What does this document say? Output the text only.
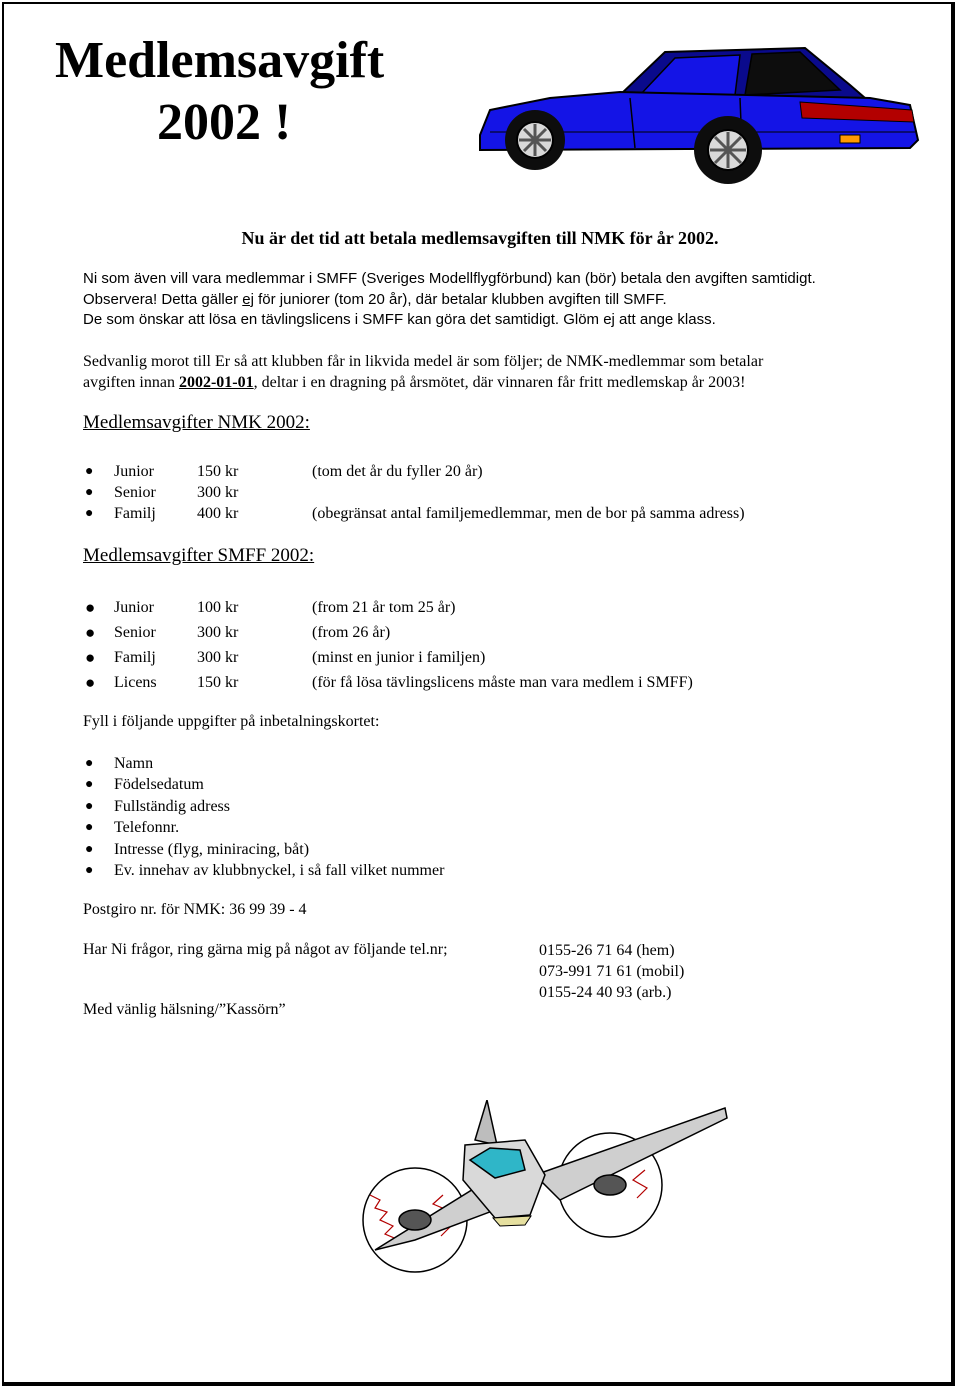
Medlemsavgift
2002 !
Nu är det tid att betala medlemsavgiften till NMK för år 2002.
Ni som även vill vara medlemmar i SMFF (Sveriges Modellflygförbund) kan (bör) betala den avgiften samtidigt.
Observera! Detta gäller ej för juniorer (tom 20 år), där betalar klubben avgiften till SMFF.
De som önskar att lösa en tävlingslicens i SMFF kan göra det samtidigt. Glöm ej att ange klass.
Sedvanlig morot till Er så att klubben får in likvida medel är som följer; de NMK-medlemmar som betalar
avgiften innan 2002-01-01, deltar i en dragning på årsmötet, där vinnaren får fritt medlemskap år 2003!
Medlemsavgifter NMK 2002:
● Junior	150 kr	(tom det år du fyller 20 år)
● Senior	300 kr
● Familj	400 kr	(obegränsat antal familjemedlemmar, men de bor på samma adress)
Medlemsavgifter SMFF 2002:
● Junior	100 kr	(from 21 år tom 25 år)
● Senior	300 kr	(from 26 år)
● Familj	300 kr	(minst en junior i familjen)
● Licens	150 kr	(för få lösa tävlingslicens måste man vara medlem i SMFF)
Fyll i följande uppgifter på inbetalningskortet:
● Namn
● Födelsedatum
● Fullständig adress
● Telefonnr.
● Intresse (flyg, miniracing, båt)
● Ev. innehav av klubbnyckel, i så fall vilket nummer
Postgiro nr. för NMK: 36 99 39 - 4
Har Ni frågor, ring gärna mig på något av följande tel.nr;	0155-26 71 64 (hem)
073-991 71 61 (mobil)
0155-24 40 93 (arb.)
Med vänlig hälsning/”Kassörn”
